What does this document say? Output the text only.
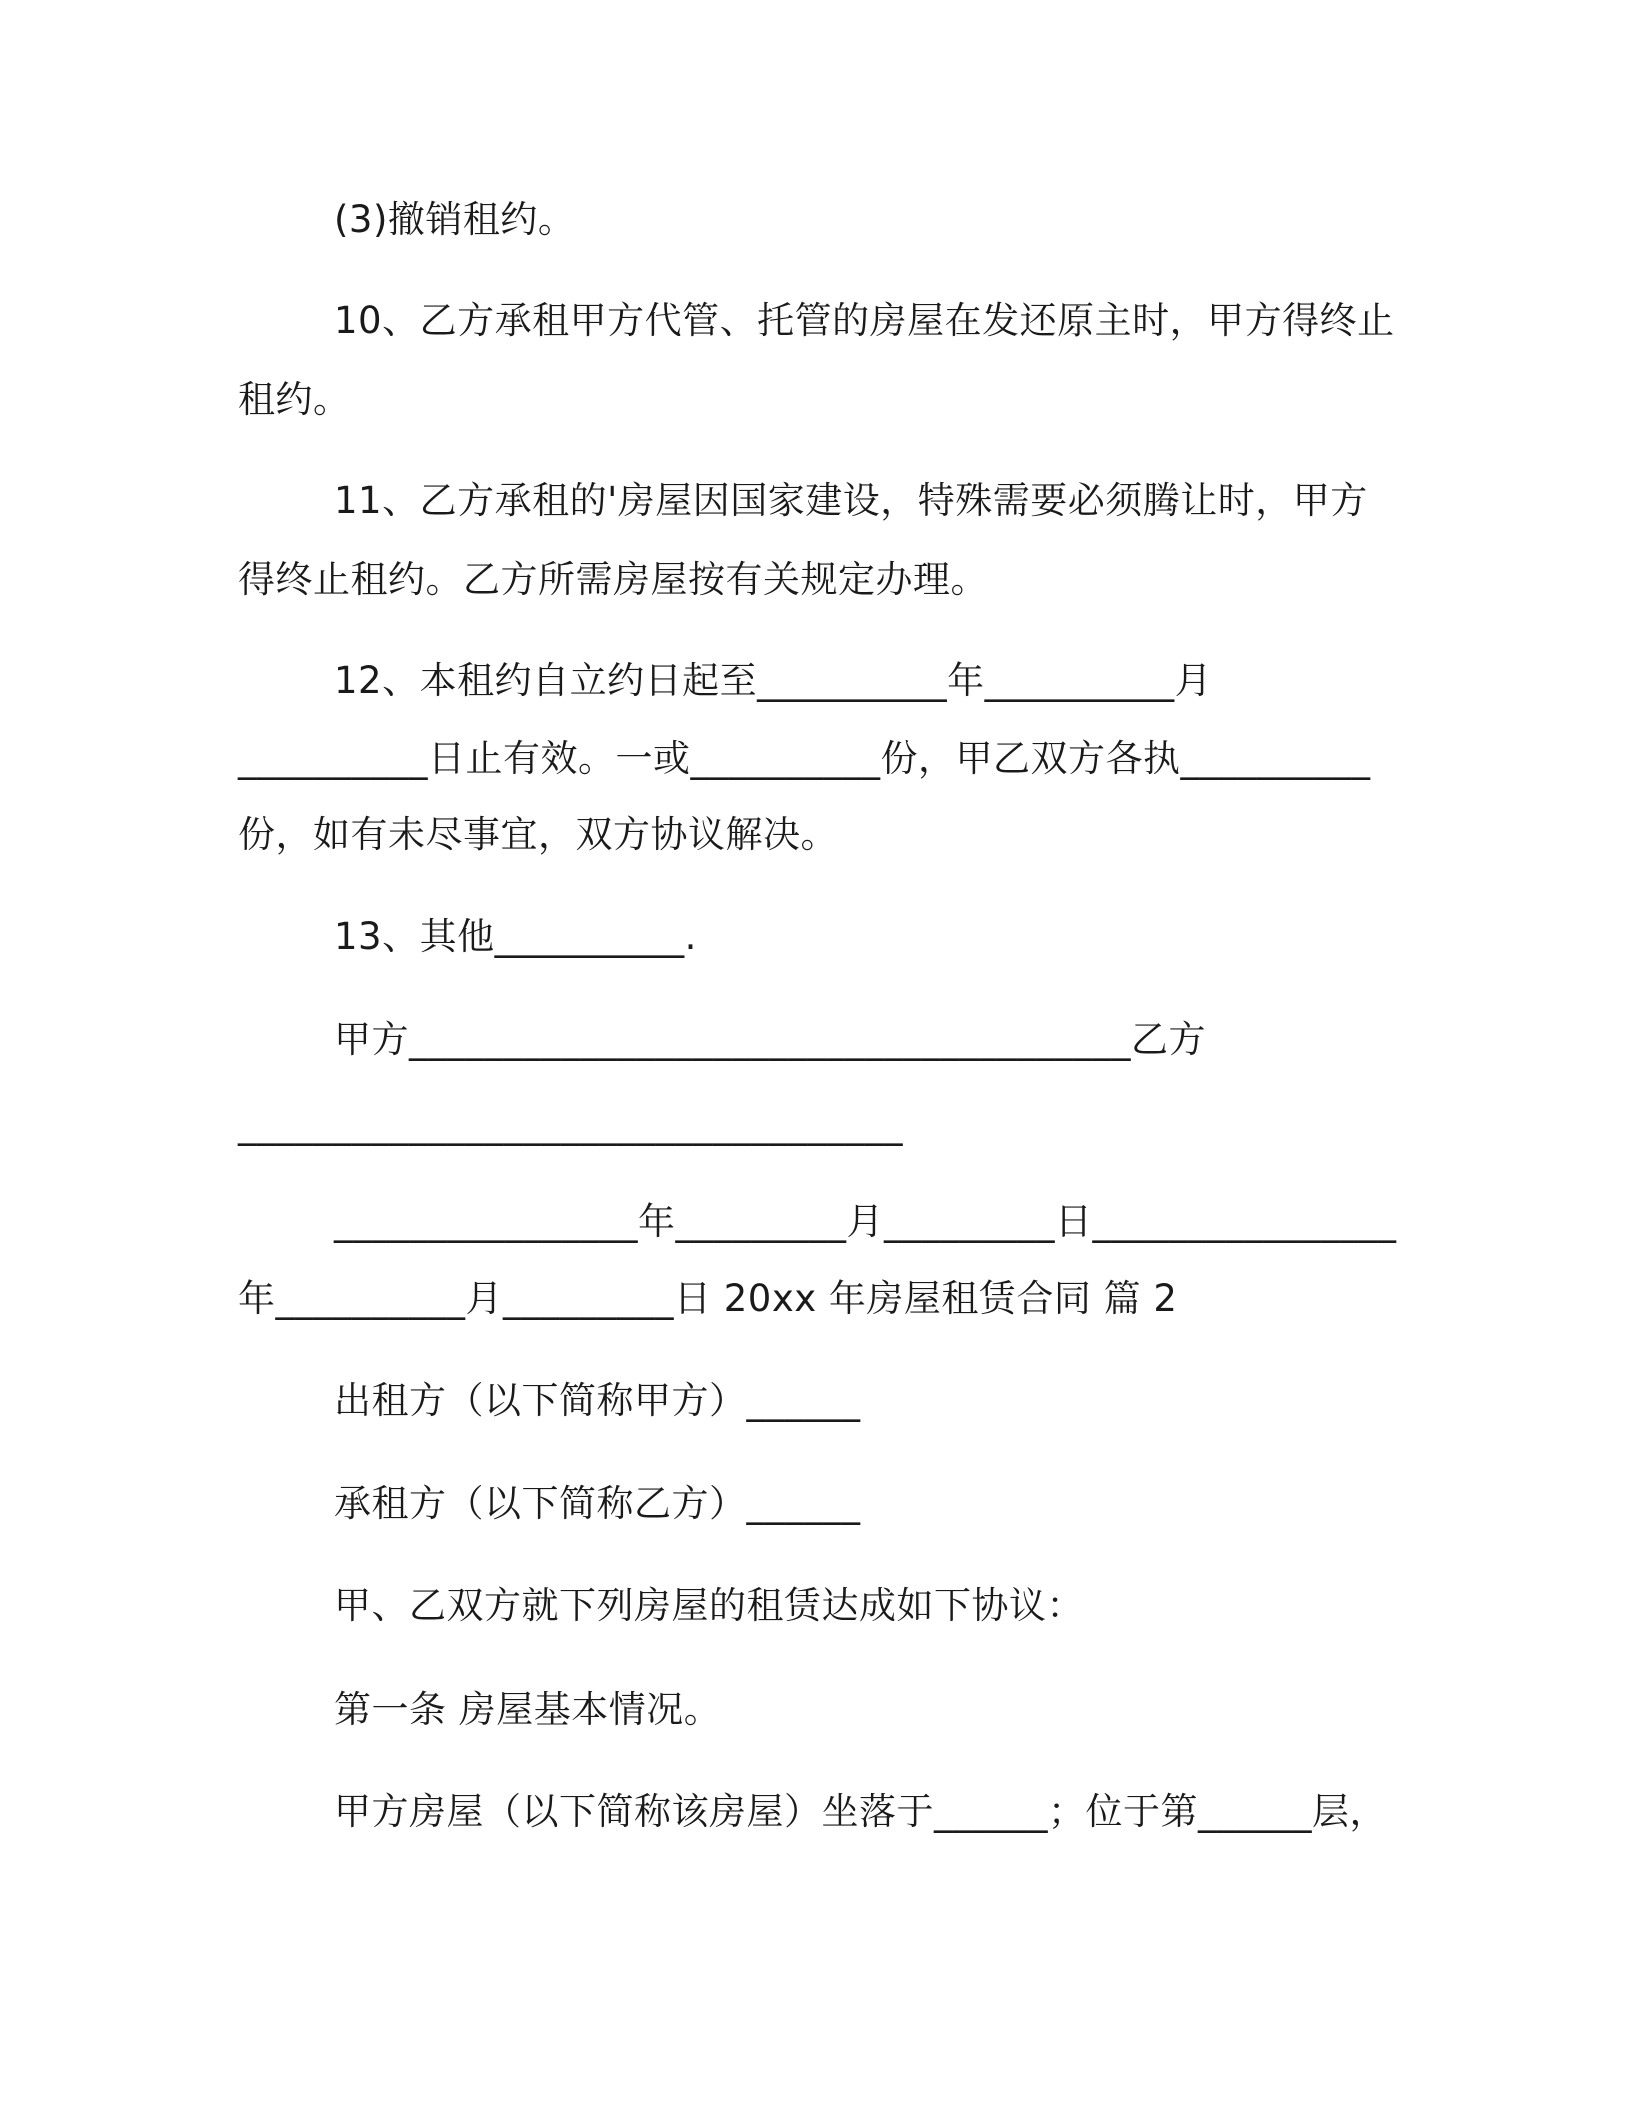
(3)撤销租约。
10、乙方承租甲方代管、托管的房屋在发还原主时，甲方得终止
租约。
11、乙方承租的'房屋因国家建设，特殊需要必须腾让时，甲方
得终止租约。乙方所需房屋按有关规定办理。
12、本租约自立约日起至__________年__________月
__________日止有效。一或__________份，甲乙双方各执__________
份，如有未尽事宜，双方协议解决。
13、其他__________.
甲方______________________________________乙方
___________________________________
________________年_________月_________日________________
年__________月_________日 20xx 年房屋租赁合同 篇 2
出租方（以下简称甲方）______
承租方（以下简称乙方）______
甲、乙双方就下列房屋的租赁达成如下协议：
第一条 房屋基本情况。
甲方房屋（以下简称该房屋）坐落于______；位于第______层，
